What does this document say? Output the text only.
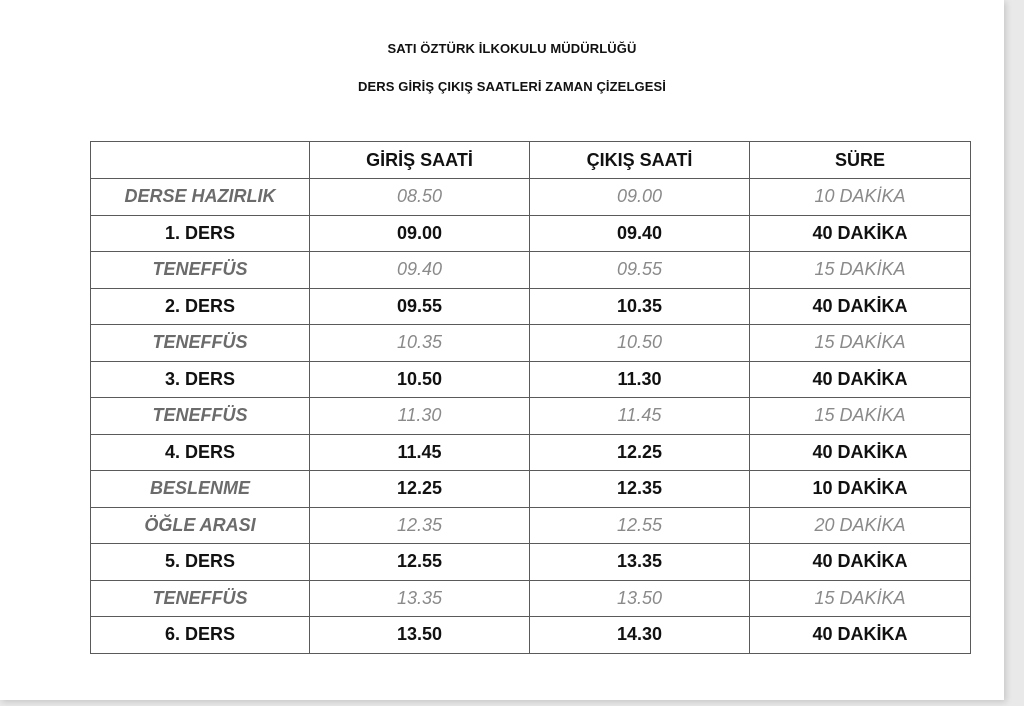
SATI ÖZTÜRK İLKOKULU MÜDÜRLÜĞÜ
DERS GİRİŞ ÇIKIŞ SAATLERİ ZAMAN ÇİZELGESİ
	GİRİŞ SAATİ	ÇIKIŞ SAATİ	SÜRE
DERSE HAZIRLIK	08.50	09.00	10 DAKİKA
1. DERS	09.00	09.40	40 DAKİKA
TENEFFÜS	09.40	09.55	15 DAKİKA
2. DERS	09.55	10.35	40 DAKİKA
TENEFFÜS	10.35	10.50	15 DAKİKA
3. DERS	10.50	11.30	40 DAKİKA
TENEFFÜS	11.30	11.45	15 DAKİKA
4. DERS	11.45	12.25	40 DAKİKA
BESLENME	12.25	12.35	10 DAKİKA
ÖĞLE ARASI	12.35	12.55	20 DAKİKA
5. DERS	12.55	13.35	40 DAKİKA
TENEFFÜS	13.35	13.50	15 DAKİKA
6. DERS	13.50	14.30	40 DAKİKA
